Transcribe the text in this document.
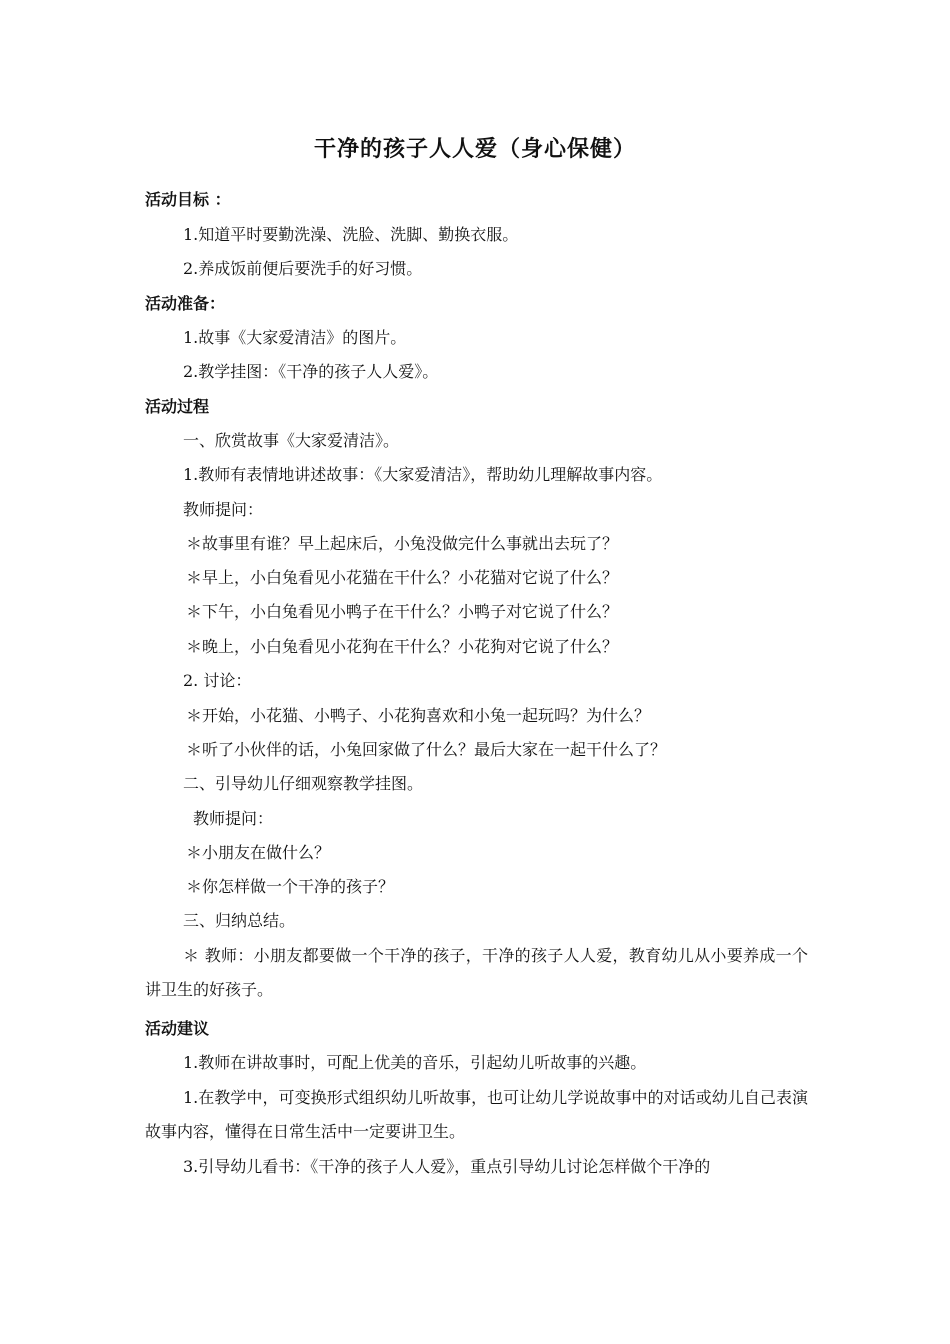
干净的孩子人人爱（身心保健）
活动目标 ：
1.知道平时要勤洗澡、洗脸、洗脚、勤换衣服。
2.养成饭前便后要洗手的好习惯。
活动准备：
1.故事《大家爱清洁》的图片。
2.教学挂图：《干净的孩子人人爱》。
活动过程
一、欣赏故事《大家爱清洁》。
1.教师有表情地讲述故事：《大家爱清洁》，帮助幼儿理解故事内容。
教师提问：
＊故事里有谁？早上起床后，小兔没做完什么事就出去玩了？
＊早上，小白兔看见小花猫在干什么？小花猫对它说了什么？
＊下午，小白兔看见小鸭子在干什么？小鸭子对它说了什么？
＊晚上，小白兔看见小花狗在干什么？小花狗对它说了什么？
2. 讨论：
＊开始，小花猫、小鸭子、小花狗喜欢和小兔一起玩吗？为什么？
＊听了小伙伴的话，小兔回家做了什么？最后大家在一起干什么了？
二、引导幼儿仔细观察教学挂图。
教师提问：
＊小朋友在做什么？
＊你怎样做一个干净的孩子？
三、归纳总结。
＊ 教师：小朋友都要做一个干净的孩子，干净的孩子人人爱，教育幼儿从小要养成一个讲卫生的好孩子。
活动建议
1.教师在讲故事时，可配上优美的音乐，引起幼儿听故事的兴趣。
1.在教学中，可变换形式组织幼儿听故事，也可让幼儿学说故事中的对话或幼儿自己表演故事内容，懂得在日常生活中一定要讲卫生。
3.引导幼儿看书：《干净的孩子人人爱》，重点引导幼儿讨论怎样做个干净的
